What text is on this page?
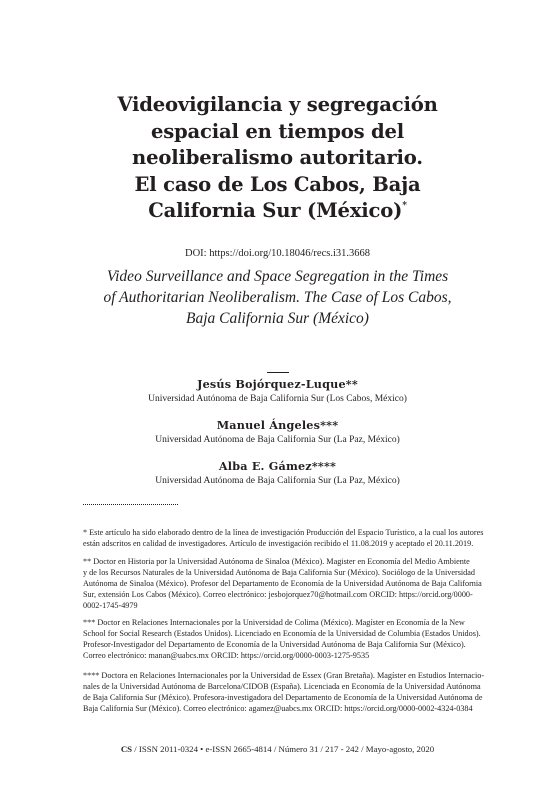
Videovigilancia y segregación
espacial en tiempos del
neoliberalismo autoritario.
El caso de Los Cabos, Baja
California Sur (México)*
DOI: https://doi.org/10.18046/recs.i31.3668
Video Surveillance and Space Segregation in the Times
of Authoritarian Neoliberalism. The Case of Los Cabos,
Baja California Sur (México)
Jesús Bojórquez-Luque**
Universidad Autónoma de Baja California Sur (Los Cabos, México)
Manuel Ángeles***
Universidad Autónoma de Baja California Sur (La Paz, México)
Alba E. Gámez****
Universidad Autónoma de Baja California Sur (La Paz, México)
* Este artículo ha sido elaborado dentro de la línea de investigación Producción del Espacio Turístico, a la cual los autores
están adscritos en calidad de investigadores. Artículo de investigación recibido el 11.08.2019 y aceptado el 20.11.2019.
** Doctor en Historia por la Universidad Autónoma de Sinaloa (México). Magister en Economía del Medio Ambiente
y de los Recursos Naturales de la Universidad Autónoma de Baja California Sur (México). Sociólogo de la Universidad
Autónoma de Sinaloa (México). Profesor del Departamento de Economía de la Universidad Autónoma de Baja California
Sur, extensión Los Cabos (México). Correo electrónico: jesbojorquez70@hotmail.com ORCID: https://orcid.org/0000-
0002-1745-4979
*** Doctor en Relaciones Internacionales por la Universidad de Colima (México). Magíster en Economía de la New
School for Social Research (Estados Unidos). Licenciado en Economía de la Universidad de Columbia (Estados Unidos).
Profesor-Investigador del Departamento de Economía de la Universidad Autónoma de Baja California Sur (México).
Correo electrónico: manan@uabcs.mx ORCID: https://orcid.org/0000-0003-1275-9535
**** Doctora en Relaciones Internacionales por la Universidad de Essex (Gran Bretaña). Magíster en Estudios Internacio-
nales de la Universidad Autónoma de Barcelona/CIDOB (España). Licenciada en Economía de la Universidad Autónoma
de Baja California Sur (México). Profesora-investigadora del Departamento de Economía de la Universidad Autónoma de
Baja California Sur (México). Correo electrónico: agamez@uabcs.mx ORCID: https://orcid.org/0000-0002-4324-0384
CS / ISSN 2011-0324 • e-ISSN 2665-4814 / Número 31 / 217 - 242 / Mayo-agosto, 2020
